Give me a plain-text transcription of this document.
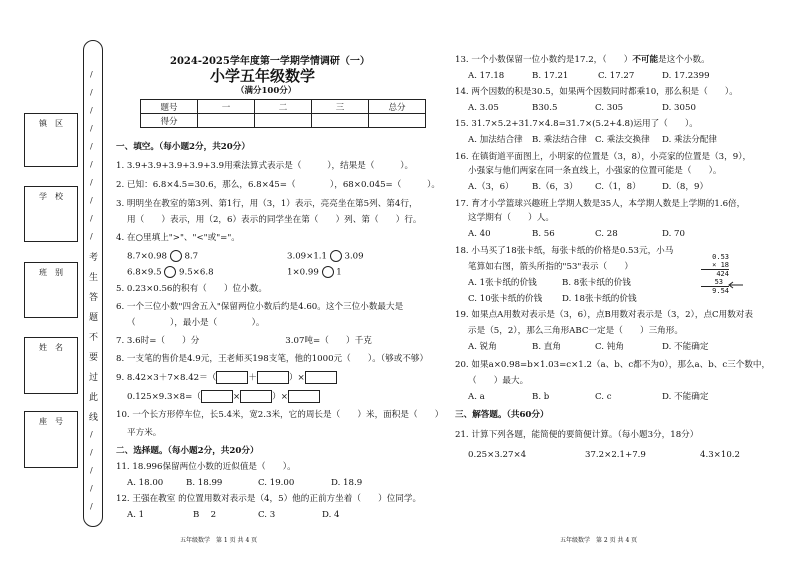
镇　区
学　校
班　别
姓　名
座　号
/
/
/
/
/
/
/
/
/
/
/
/
/
/
/
考
生
答
题
不
要
过
此
线
2024-2025学年度第一学期学情调研（一）
小学五年级数学
（满分100分）
题号	一	二	三	总分
得分				
一、填空。（每小题2分，共20分）
1. 3.9+3.9+3.9+3.9+3.9用乘法算式表示是（　　　），结果是（　　　）。
2. 已知：6.8×4.5=30.6，那么，6.8×45=（　　　　），68×0.045=（　　　）。
3. 明明坐在教室的第3列、第1行，用（3，1）表示，亮亮坐在第5列、第4行，
用（　　）表示，用（2，6）表示的同学坐在第（　　）列、第（　　）行。
4. 在○里填上">"、"<"或"="。
8.7×0.98 8.7	3.09×1.1 3.09
6.8×9.5 9.5×6.8	1×0.99 1
5. 0.23×0.56的积有（　　）位小数。
6. 一个三位小数"四舍五入"保留两位小数后约是4.60。这个三位小数最大是
（　　　　），最小是（　　　　）。
7. 3.6时=（　　）分　　　　　　　　　　3.07吨=（　　）千克
8. 一支笔的售价是4.9元，王老师买198支笔，他的1000元（　　）。（够或不够）
9. 8.42×3＋7×8.42＝（	＋	）×
0.125×9.3×8=（	×	）×
10. 一个长方形停车位，长5.4米，宽2.3米，它的周长是（　　）米，面积是（　　）
平方米。
二、选择题。（每小题2分，共20分）
11. 18.996保留两位小数的近似值是（　　）。
A. 18.00	B. 18.99	C. 19.00	D. 18.9
12. 王强在教室 的位置用数对表示是（4，5）他的正前方坐着（　　）位同学。
A. 1	B　 2	C. 3	D. 4
五年级数学　第 1 页 共 4 页
13. 一个小数保留一位小数约是17.2，（　　）不可能是这个小数。
A. 17.18	B. 17.21	C. 17.27	D. 17.2399
14. 两个因数的积是30.5，如果两个因数同时都乘10，那么积是（　　）。
A. 3.05	B30.5	C. 305	D. 3050
15. 31.7×5.2+31.7×4.8=31.7×(5.2+4.8)运用了（　　）。
A. 加法结合律 B. 乘法结合律 C. 乘法交换律 D. 乘法分配律
16. 在镇街道平面图上，小明家的位置是（3，8），小亮家的位置是（3，9），
小强家与他们两家在同一条直线上，小强家的位置可能是（　　）。
A.（3，6） B.（6，3） C.（1，8） D.（8，9）
17. 育才小学篮球兴趣班上学期人数是35人，本学期人数是上学期的1.6倍，
这学期有（　　）人。
A. 40	B. 56	C. 28	D. 70
18. 小马买了18张卡纸，每张卡纸的价格是0.53元，小马
笔算如右图，箭头所指的"53"表示（　　）
A. 1张卡纸的价钱	B. 8张卡纸的价钱
C. 10张卡纸的价钱 D. 18张卡纸的价钱
0.53
× 18
424
53
9.54
19. 如果点A用数对表示是（3，6），点B用数对表示是（3，2），点C用数对表
示是（5，2），那么三角形ABC一定是（　　）三角形。
A. 锐角	B. 直角	C. 钝角	D. 不能确定
20. 如果a×0.98=b×1.03=c×1.2（a、b、c都不为0），那么a、b、c三个数中，
（　　）最大。
A. a	B. b	C. c	D. 不能确定
三、解答题。（共60分）
21. 计算下列各题，能简便的要简便计算。（每小题3分，18分）
0.25×3.27×4	37.2×2.1+7.9	4.3×10.2
五年级数学　第 2 页 共 4 页
